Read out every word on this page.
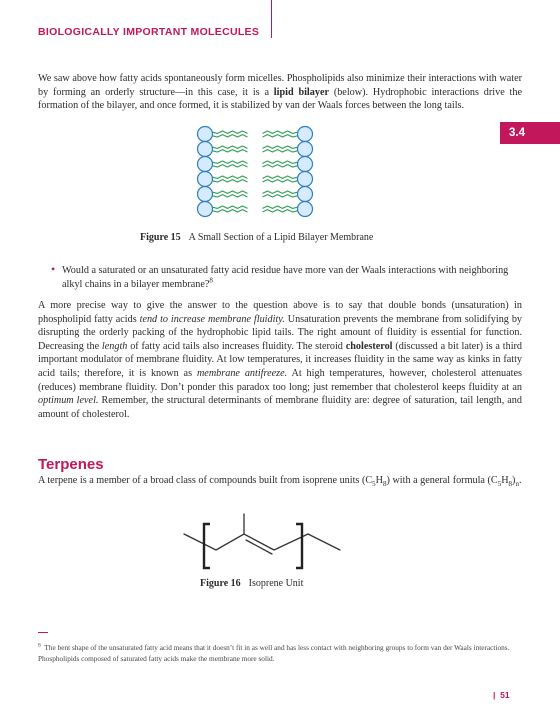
BIOLOGICALLY IMPORTANT MOLECULES
3.4

We saw above how fatty acids spontaneously form micelles. Phospholipids also minimize their interactions with water by forming an orderly structure—in this case, it is a lipid bilayer (below). Hydrophobic interactions drive the formation of the bilayer, and once formed, it is stabilized by van der Waals forces between the long tails.

Figure 15 A Small Section of a Lipid Bilayer Membrane
• Would a saturated or an unsaturated fatty acid residue have more van der Waals interactions with neighboring alkyl chains in a bilayer membrane?$^8$

A more precise way to give the answer to the question above is to say that double bonds (unsaturation) in phospholipid fatty acids tend to increase membrane fluidity. Unsaturation prevents the membrane from solidifying by disrupting the orderly packing of the hydrophobic lipid tails. The right amount of fluidity is essential for function. Decreasing the length of fatty acid tails also increases fluidity. The steroid cholesterol (discussed a bit later) is a third important modulator of membrane fluidity. At low temperatures, it increases fluidity in the same way as kinks in fatty acid tails; therefore, it is known as membrane antifreeze. At high temperatures, however, cholesterol attenuates (reduces) membrane fluidity. Don’t ponder this paradox too long; just remember that cholesterol keeps fluidity at an optimum level. Remember, the structural determinants of membrane fluidity are: degree of saturation, tail length, and amount of cholesterol.

Terpenes

A terpene is a member of a broad class of compounds built from isoprene units $(C_5H_8)$ with a general formula $(C_5H_8)_n$.

Figure 16 Isoprene Unit
$^8$ The bent shape of the unsaturated fatty acid means that it doesn’t fit in as well and has less contact with neighboring groups to form van der Waals interactions. Phospholipids composed of saturated fatty acids make the membrane more solid.
|  51
